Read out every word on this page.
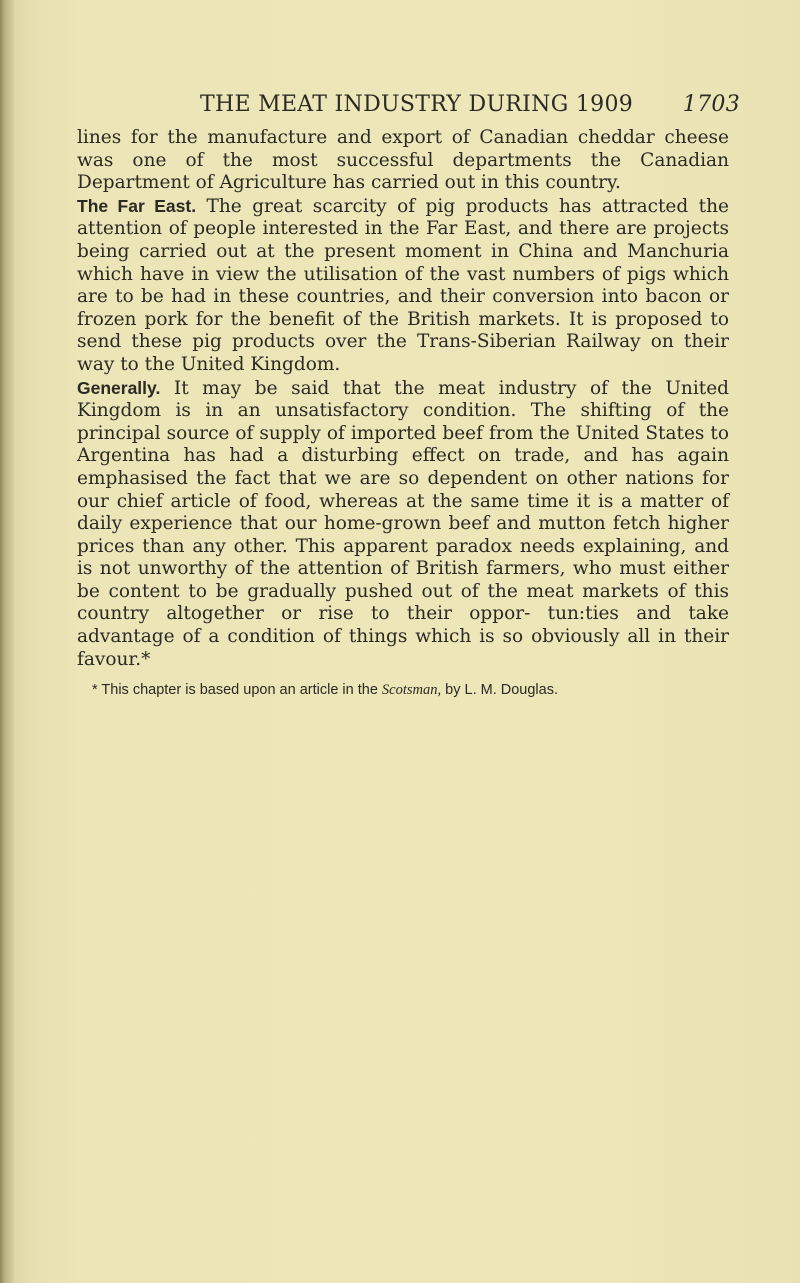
THE MEAT INDUSTRY DURING 1909 1703

lines for the manufacture and export of Canadian cheddar cheese was one of the most successful departments the Canadian Department of Agriculture has carried out in this country.

The Far East. The great scarcity of pig products has attracted the attention of people interested in the Far East, and there are projects being carried out at the present moment in China and Manchuria which have in view the utilisation of the vast numbers of pigs which are to be had in these countries, and their conversion into bacon or frozen pork for the benefit of the British markets. It is proposed to send these pig products over the Trans-Siberian Railway on their way to the United Kingdom.

Generally. It may be said that the meat industry of the United Kingdom is in an unsatisfactory condition. The shifting of the principal source of supply of imported beef from the United States to Argentina has had a disturbing effect on trade, and has again emphasised the fact that we are so dependent on other nations for our chief article of food, whereas at the same time it is a matter of daily experience that our home-grown beef and mutton fetch higher prices than any other. This apparent paradox needs explaining, and is not unworthy of the attention of British farmers, who must either be content to be gradually pushed out of the meat markets of this country altogether or rise to their oppor- tun:ties and take advantage of a condition of things which is so obviously all in their favour.*

* This chapter is based upon an article in the Scotsman, by L. M. Douglas.
